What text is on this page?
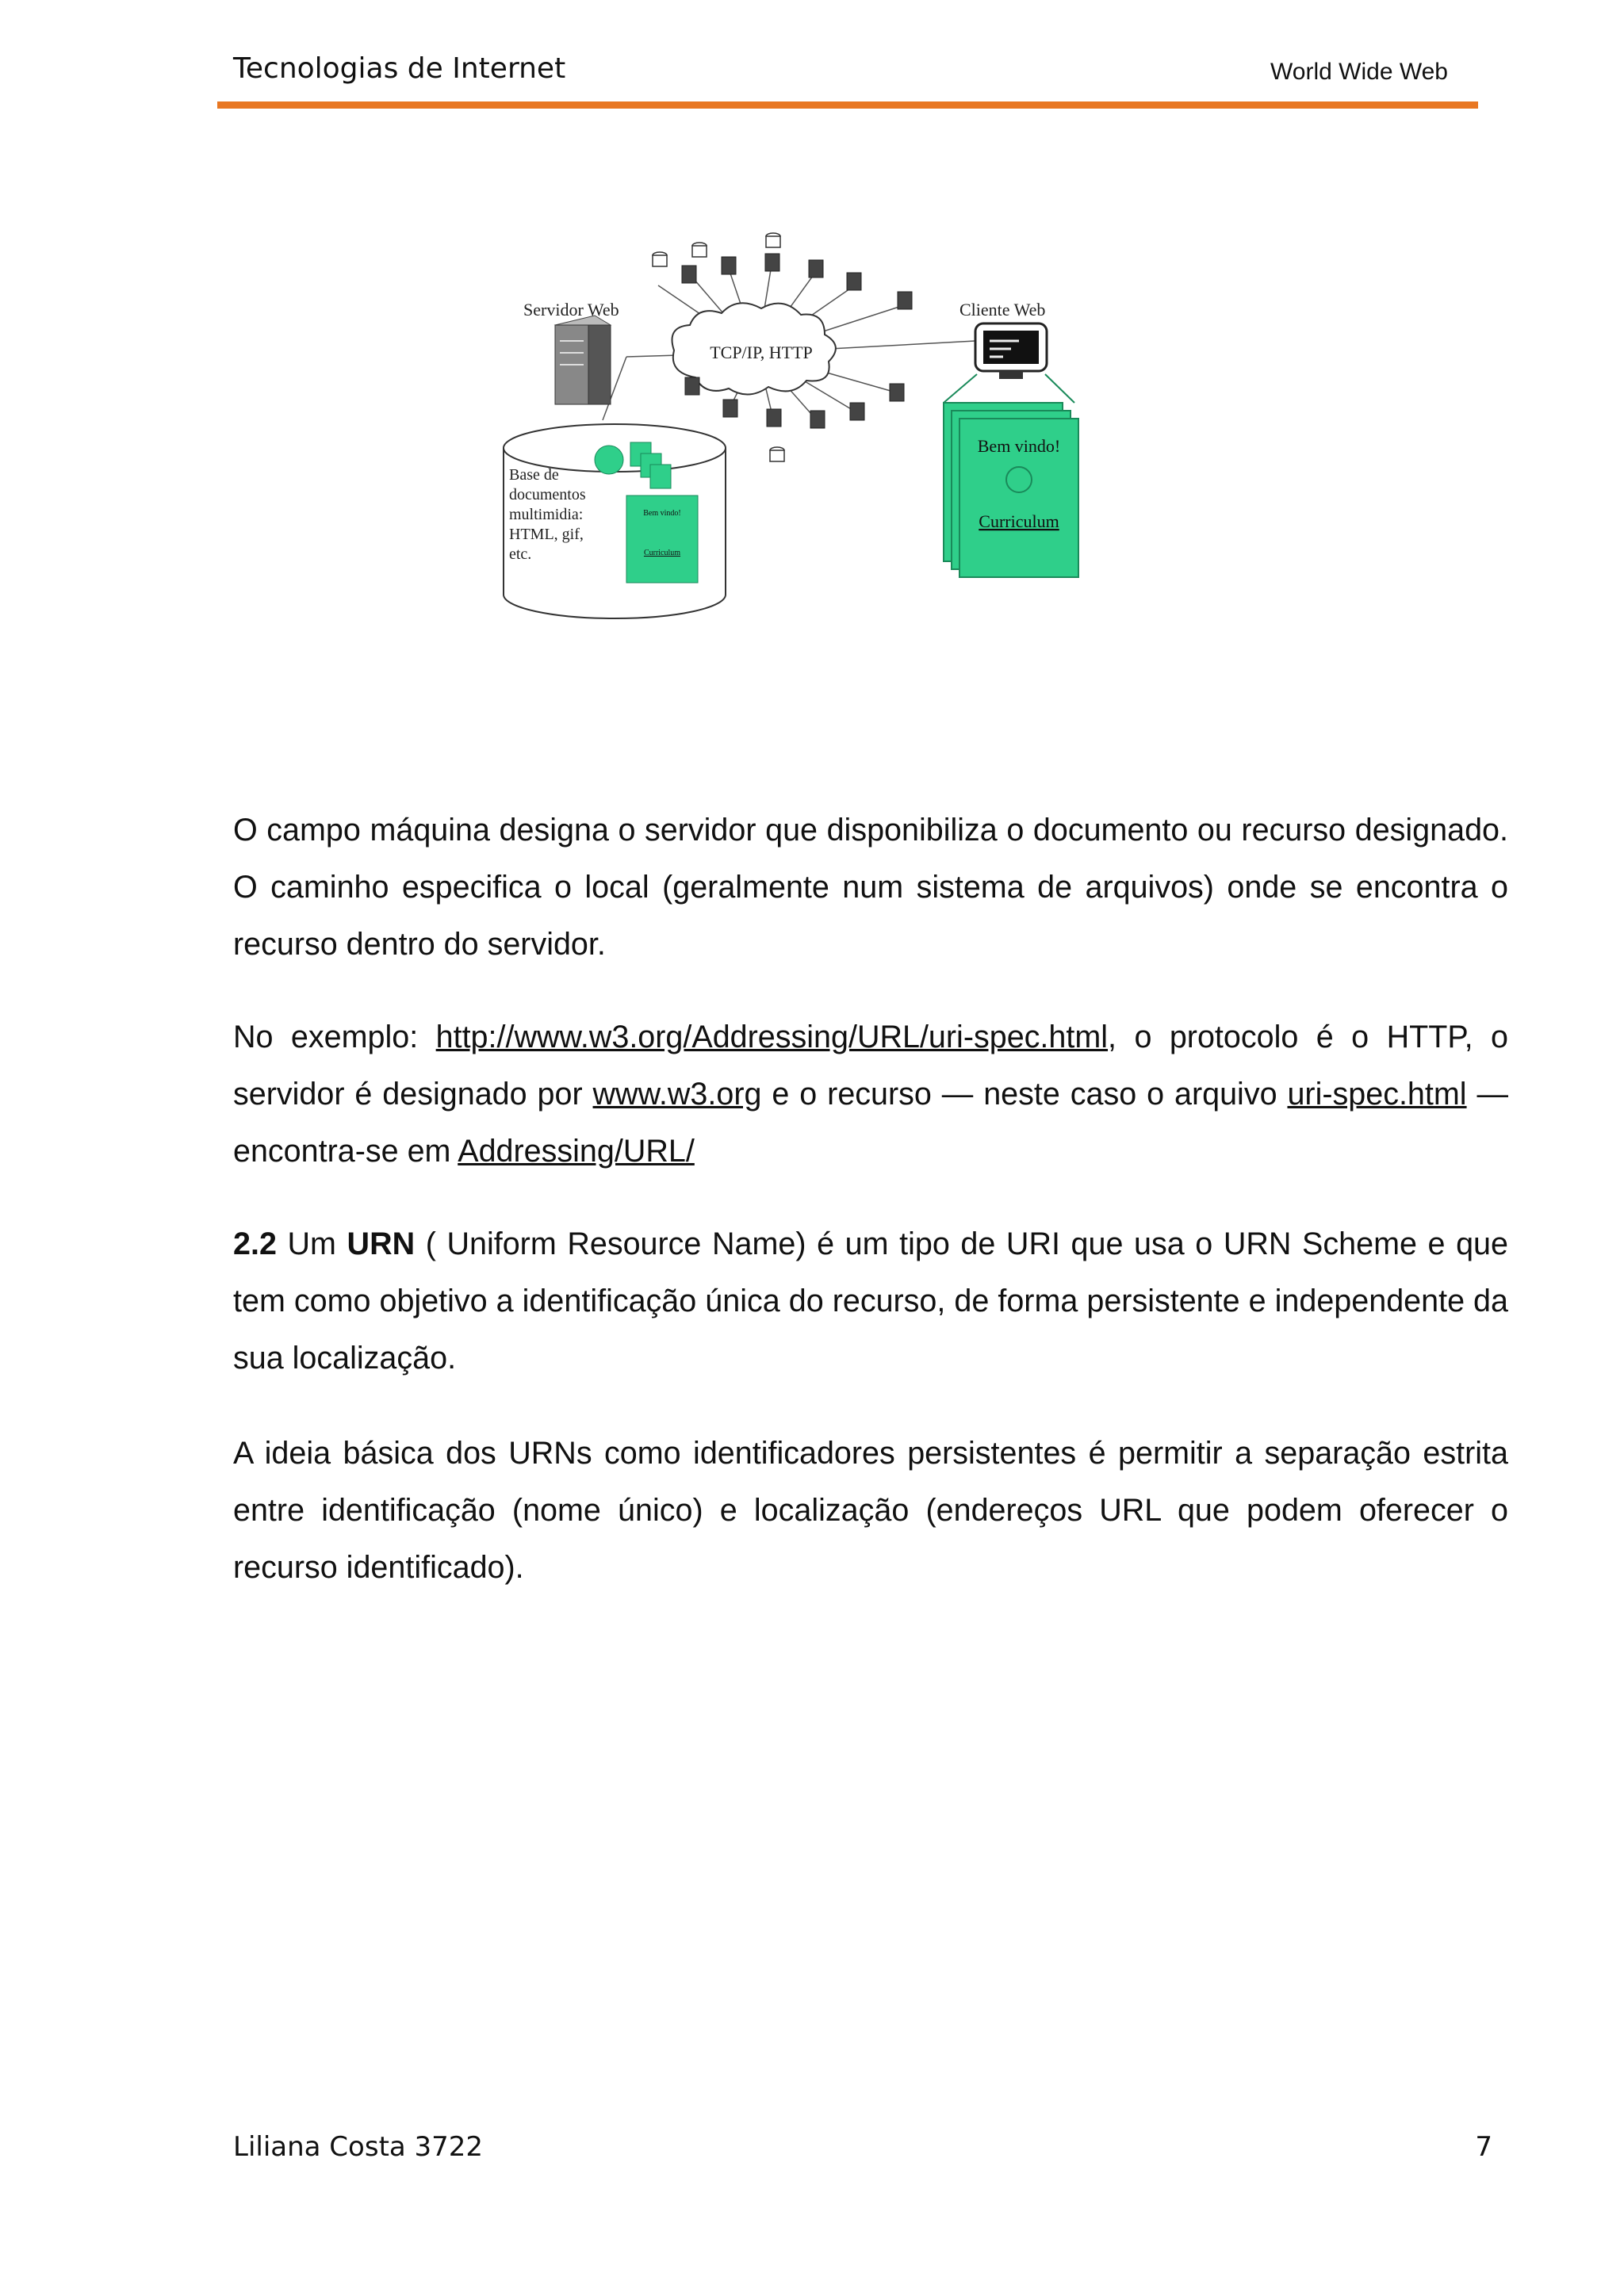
Tecnologias de Internet	World Wide Web
TCP/IP, HTTP
Servidor Web
Base de documentos multimidia: HTML, gif, etc.
Bem vindo!
Curriculum
Cliente Web
Bem vindo!
Curriculum
O campo máquina designa o servidor que disponibiliza o documento ou recurso designado. O caminho especifica o local (geralmente num sistema de arquivos) onde se encontra o recurso dentro do servidor.
No exemplo: http://www.w3.org/Addressing/URL/uri-spec.html, o protocolo é o HTTP, o servidor é designado por www.w3.org e o recurso — neste caso o arquivo uri-spec.html — encontra-se em Addressing/URL/
2.2 Um URN ( Uniform Resource Name) é um tipo de URI que usa o URN Scheme e que tem como objetivo a identificação única do recurso, de forma persistente e independente da sua localização.
A ideia básica dos URNs como identificadores persistentes é permitir a separação estrita entre identificação (nome único) e localização (endereços URL que podem oferecer o recurso identificado).
Liliana Costa 3722	7
